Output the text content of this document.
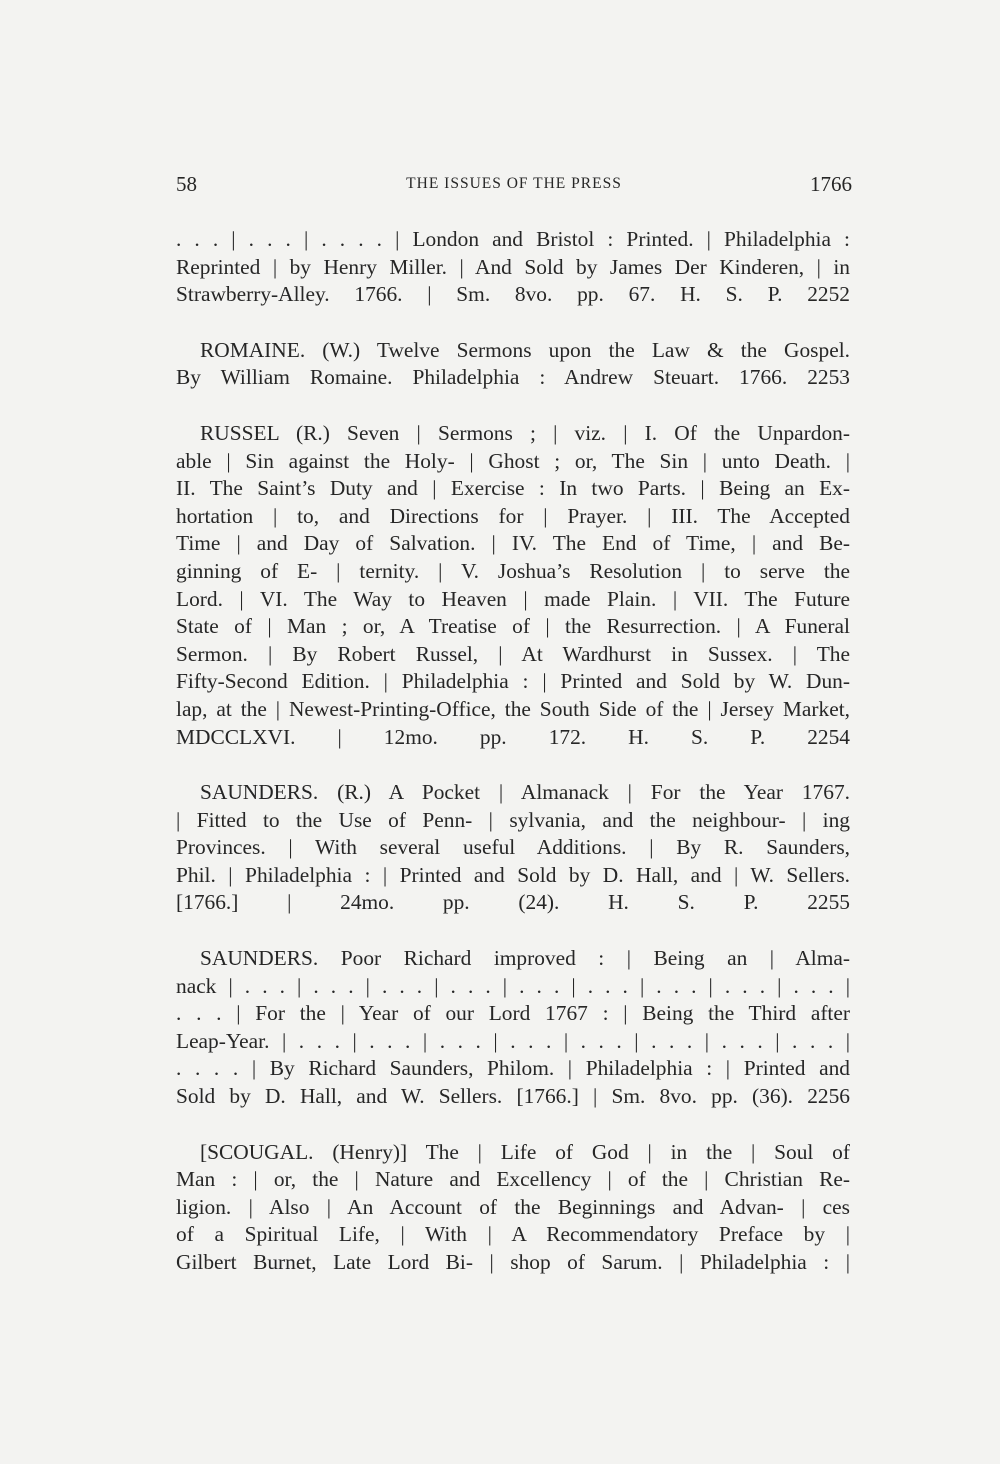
58	THE ISSUES OF THE PRESS	1766
. . . | . . . | . . . . | London and Bristol : Printed. | Philadelphia :
Reprinted | by Henry Miller. | And Sold by James Der Kinderen, | in
Strawberry-Alley. 1766. | Sm. 8vo. pp. 67. H. S. P. 2252
ROMAINE. (W.) Twelve Sermons upon the Law & the Gospel.
By William Romaine. Philadelphia : Andrew Steuart. 1766. 2253
RUSSEL (R.) Seven | Sermons ; | viz. | I. Of the Unpardon-
able | Sin against the Holy- | Ghost ; or, The Sin | unto Death. |
II. The Saint’s Duty and | Exercise : In two Parts. | Being an Ex-
hortation | to, and Directions for | Prayer. | III. The Accepted
Time | and Day of Salvation. | IV. The End of Time, | and Be-
ginning of E- | ternity. | V. Joshua’s Resolution | to serve the
Lord. | VI. The Way to Heaven | made Plain. | VII. The Future
State of | Man ; or, A Treatise of | the Resurrection. | A Funeral
Sermon. | By Robert Russel, | At Wardhurst in Sussex. | The
Fifty-Second Edition. | Philadelphia : | Printed and Sold by W. Dun-
lap, at the | Newest-Printing-Office, the South Side of the | Jersey Market,
MDCCLXVI. | 12mo. pp. 172. H. S. P. 2254
SAUNDERS. (R.) A Pocket | Almanack | For the Year 1767.
| Fitted to the Use of Penn- | sylvania, and the neighbour- | ing
Provinces. | With several useful Additions. | By R. Saunders,
Phil. | Philadelphia : | Printed and Sold by D. Hall, and | W. Sellers.
[1766.] | 24mo. pp. (24). H. S. P. 2255
SAUNDERS. Poor Richard improved : | Being an | Alma-
nack | . . . | . . . | . . . | . . . | . . . | . . . | . . . | . . . | . . . |
. . . | For the | Year of our Lord 1767 : | Being the Third after
Leap-Year. | . . . | . . . | . . . | . . . | . . . | . . . | . . . | . . . |
. . . . | By Richard Saunders, Philom. | Philadelphia : | Printed and
Sold by D. Hall, and W. Sellers. [1766.] | Sm. 8vo. pp. (36). 2256
[SCOUGAL. (Henry)] The | Life of God | in the | Soul of
Man : | or, the | Nature and Excellency | of the | Christian Re-
ligion. | Also | An Account of the Beginnings and Advan- | ces
of a Spiritual Life, | With | A Recommendatory Preface by |
Gilbert Burnet, Late Lord Bi- | shop of Sarum. | Philadelphia : |
